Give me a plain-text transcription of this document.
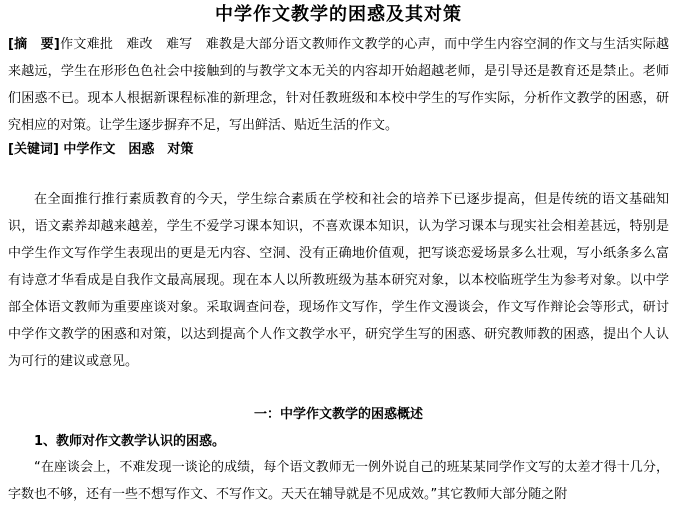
中学作文教学的困惑及其对策

[摘　要]作文难批　难改　难写　难教是大部分语文教师作文教学的心声，而中学生内容空洞的作文与生活实际越来越远，学生在形形色色社会中接触到的与教学文本无关的内容却开始超越老师，是引导还是教育还是禁止。老师们困惑不已。现本人根据新课程标准的新理念，针对任教班级和本校中学生的写作实际，分析作文教学的困惑，研究相应的对策。让学生逐步摒弃不足，写出鲜活、贴近生活的作文。

[关键词] 中学作文　困惑　对策

在全面推行推行素质教育的今天，学生综合素质在学校和社会的培养下已逐步提高，但是传统的语文基础知识，语文素养却越来越差，学生不爱学习课本知识，不喜欢课本知识，认为学习课本与现实社会相差甚远，特别是中学生作文写作学生表现出的更是无内容、空洞、没有正确地价值观，把写谈恋爱场景多么壮观，写小纸条多么富有诗意才华看成是自我作文最高展现。现在本人以所教班级为基本研究对象，以本校临班学生为参考对象。以中学部全体语文教师为重要座谈对象。采取调查问卷，现场作文写作，学生作文漫谈会，作文写作辩论会等形式，研讨中学作文教学的困惑和对策，以达到提高个人作文教学水平，研究学生写的困惑、研究教师教的困惑，提出个人认为可行的建议或意见。

一：中学作文教学的困惑概述
1、教师对作文教学认识的困惑。

“在座谈会上，不难发现一谈论的成绩，每个语文教师无一例外说自己的班某某同学作文写的太差才得十几分，字数也不够，还有一些不想写作文、不写作文。天天在辅导就是不见成效。”其它教师大部分随之附
